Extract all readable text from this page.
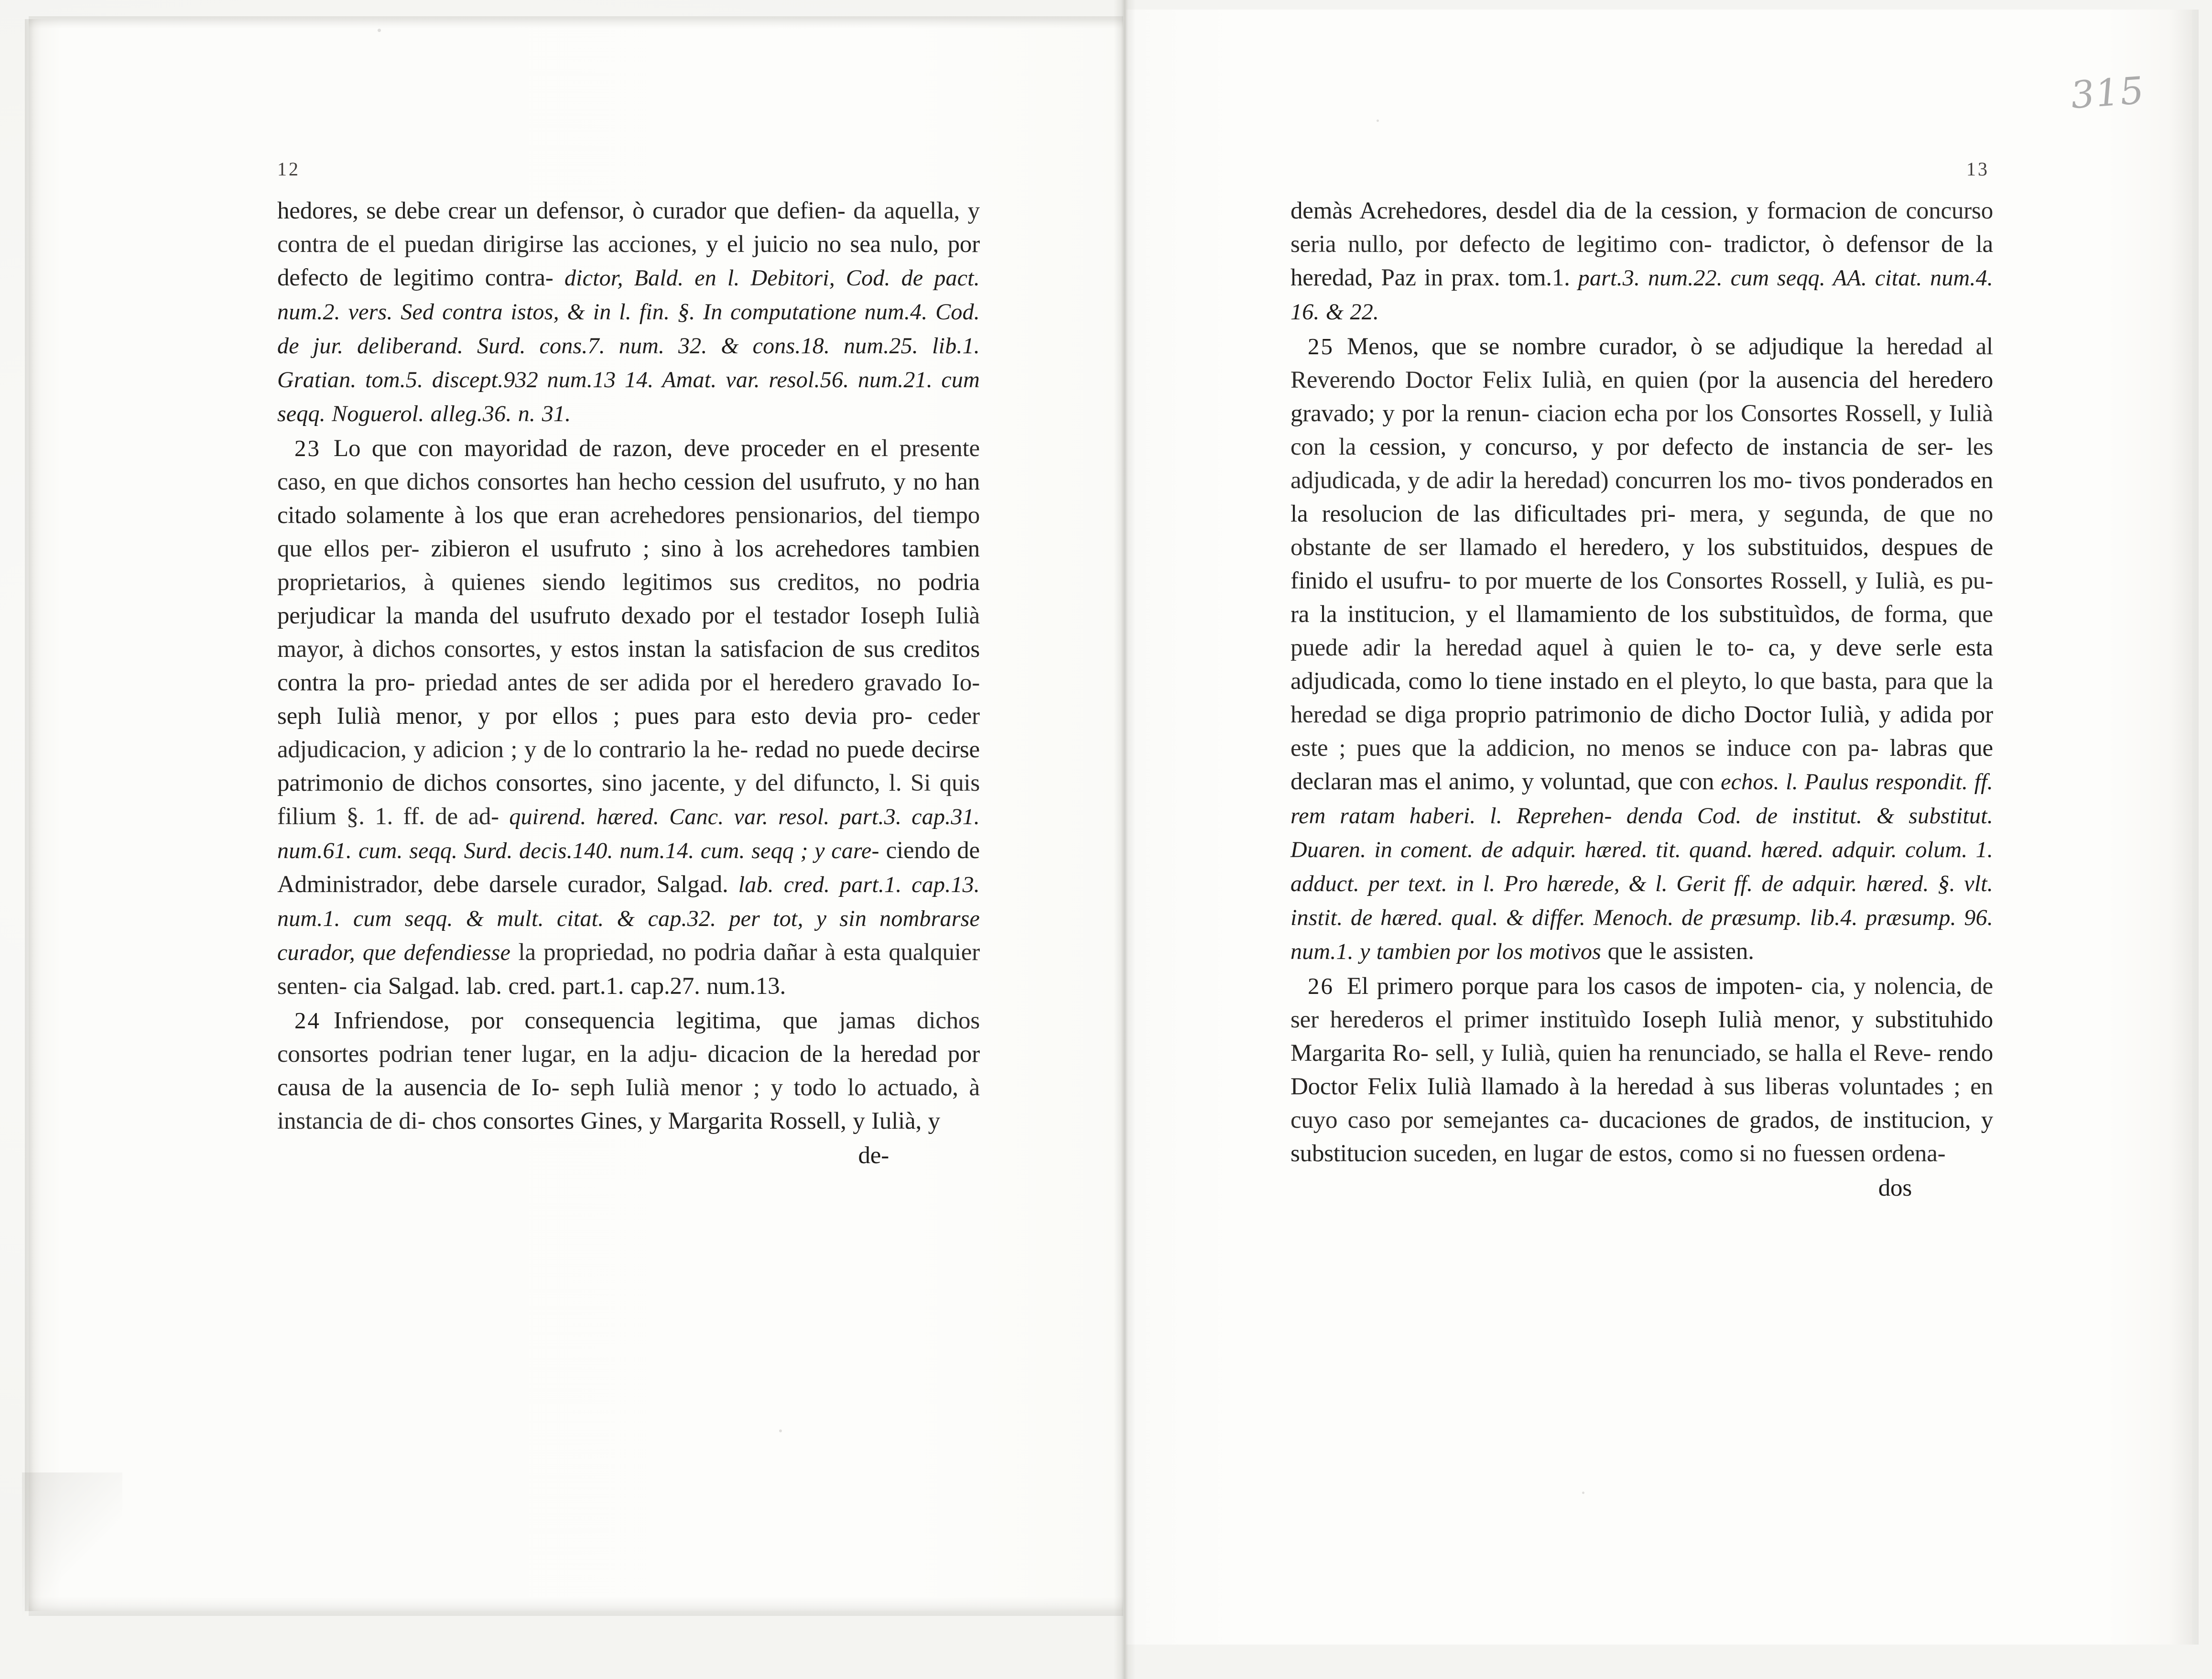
315
12

hedores, se debe crear un defensor, ò curador que defien- da aquella, y contra de el puedan dirigirse las acciones, y el juicio no sea nulo, por defecto de legitimo contra- dictor, Bald. en l. Debitori, Cod. de pact. num.2. vers. Sed contra istos, & in l. fin. §. In computatione num.4. Cod. de jur. deliberand. Surd. cons.7. num. 32. & cons.18. num.25. lib.1. Gratian. tom.5. discept.932 num.13 14. Amat. var. resol.56. num.21. cum seqq. Noguerol. alleg.36. n. 31.

23 Lo que con mayoridad de razon, deve proceder en el presente caso, en que dichos consortes han hecho cession del usufruto, y no han citado solamente à los que eran acrehedores pensionarios, del tiempo que ellos per- zibieron el usufruto ; sino à los acrehedores tambien proprietarios, à quienes siendo legitimos sus creditos, no podria perjudicar la manda del usufruto dexado por el testador Ioseph Iulià mayor, à dichos consortes, y estos instan la satisfacion de sus creditos contra la pro- priedad antes de ser adida por el heredero gravado Io- seph Iulià menor, y por ellos ; pues para esto devia pro- ceder adjudicacion, y adicion ; y de lo contrario la he- redad no puede decirse patrimonio de dichos consortes, sino jacente, y del difuncto, l. Si quis filium §. 1. ff. de ad- quirend. hæred. Canc. var. resol. part.3. cap.31. num.61. cum. seqq. Surd. decis.140. num.14. cum. seqq ; y care- ciendo de Administrador, debe darsele curador, Salgad. lab. cred. part.1. cap.13. num.1. cum seqq. & mult. citat. & cap.32. per tot, y sin nombrarse curador, que defendiesse la propriedad, no podria dañar à esta qualquier senten- cia Salgad. lab. cred. part.1. cap.27. num.13.

24 Infriendose, por consequencia legitima, que jamas dichos consortes podrian tener lugar, en la adju- dicacion de la heredad por causa de la ausencia de Io- seph Iulià menor ; y todo lo actuado, à instancia de di- chos consortes Gines, y Margarita Rossell, y Iulià, y

de-
13

demàs Acrehedores, desdel dia de la cession, y formacion de concurso seria nullo, por defecto de legitimo con- tradictor, ò defensor de la heredad, Paz in prax. tom.1. part.3. num.22. cum seqq. AA. citat. num.4. 16. & 22.

25 Menos, que se nombre curador, ò se adjudique la heredad al Reverendo Doctor Felix Iulià, en quien (por la ausencia del heredero gravado; y por la renun- ciacion echa por los Consortes Rossell, y Iulià con la cession, y concurso, y por defecto de instancia de ser- les adjudicada, y de adir la heredad) concurren los mo- tivos ponderados en la resolucion de las dificultades pri- mera, y segunda, de que no obstante de ser llamado el heredero, y los substituidos, despues de finido el usufru- to por muerte de los Consortes Rossell, y Iulià, es pu- ra la institucion, y el llamamiento de los substituìdos, de forma, que puede adir la heredad aquel à quien le to- ca, y deve serle esta adjudicada, como lo tiene instado en el pleyto, lo que basta, para que la heredad se diga proprio patrimonio de dicho Doctor Iulià, y adida por este ; pues que la addicion, no menos se induce con pa- labras que declaran mas el animo, y voluntad, que con echos. l. Paulus respondit. ff. rem ratam haberi. l. Reprehen- denda Cod. de institut. & substitut. Duaren. in coment. de adquir. hæred. tit. quand. hæred. adquir. colum. 1. adduct. per text. in l. Pro hærede, & l. Gerit ff. de adquir. hæred. §. vlt. instit. de hæred. qual. & differ. Menoch. de præsump. lib.4. præsump. 96. num.1. y tambien por los motivos que le assisten.

26 El primero porque para los casos de impoten- cia, y nolencia, de ser herederos el primer instituìdo Ioseph Iulià menor, y substituhido Margarita Ro- sell, y Iulià, quien ha renunciado, se halla el Reve- rendo Doctor Felix Iulià llamado à la heredad à sus liberas voluntades ; en cuyo caso por semejantes ca- ducaciones de grados, de institucion, y substitucion suceden, en lugar de estos, como si no fuessen ordena-

dos
